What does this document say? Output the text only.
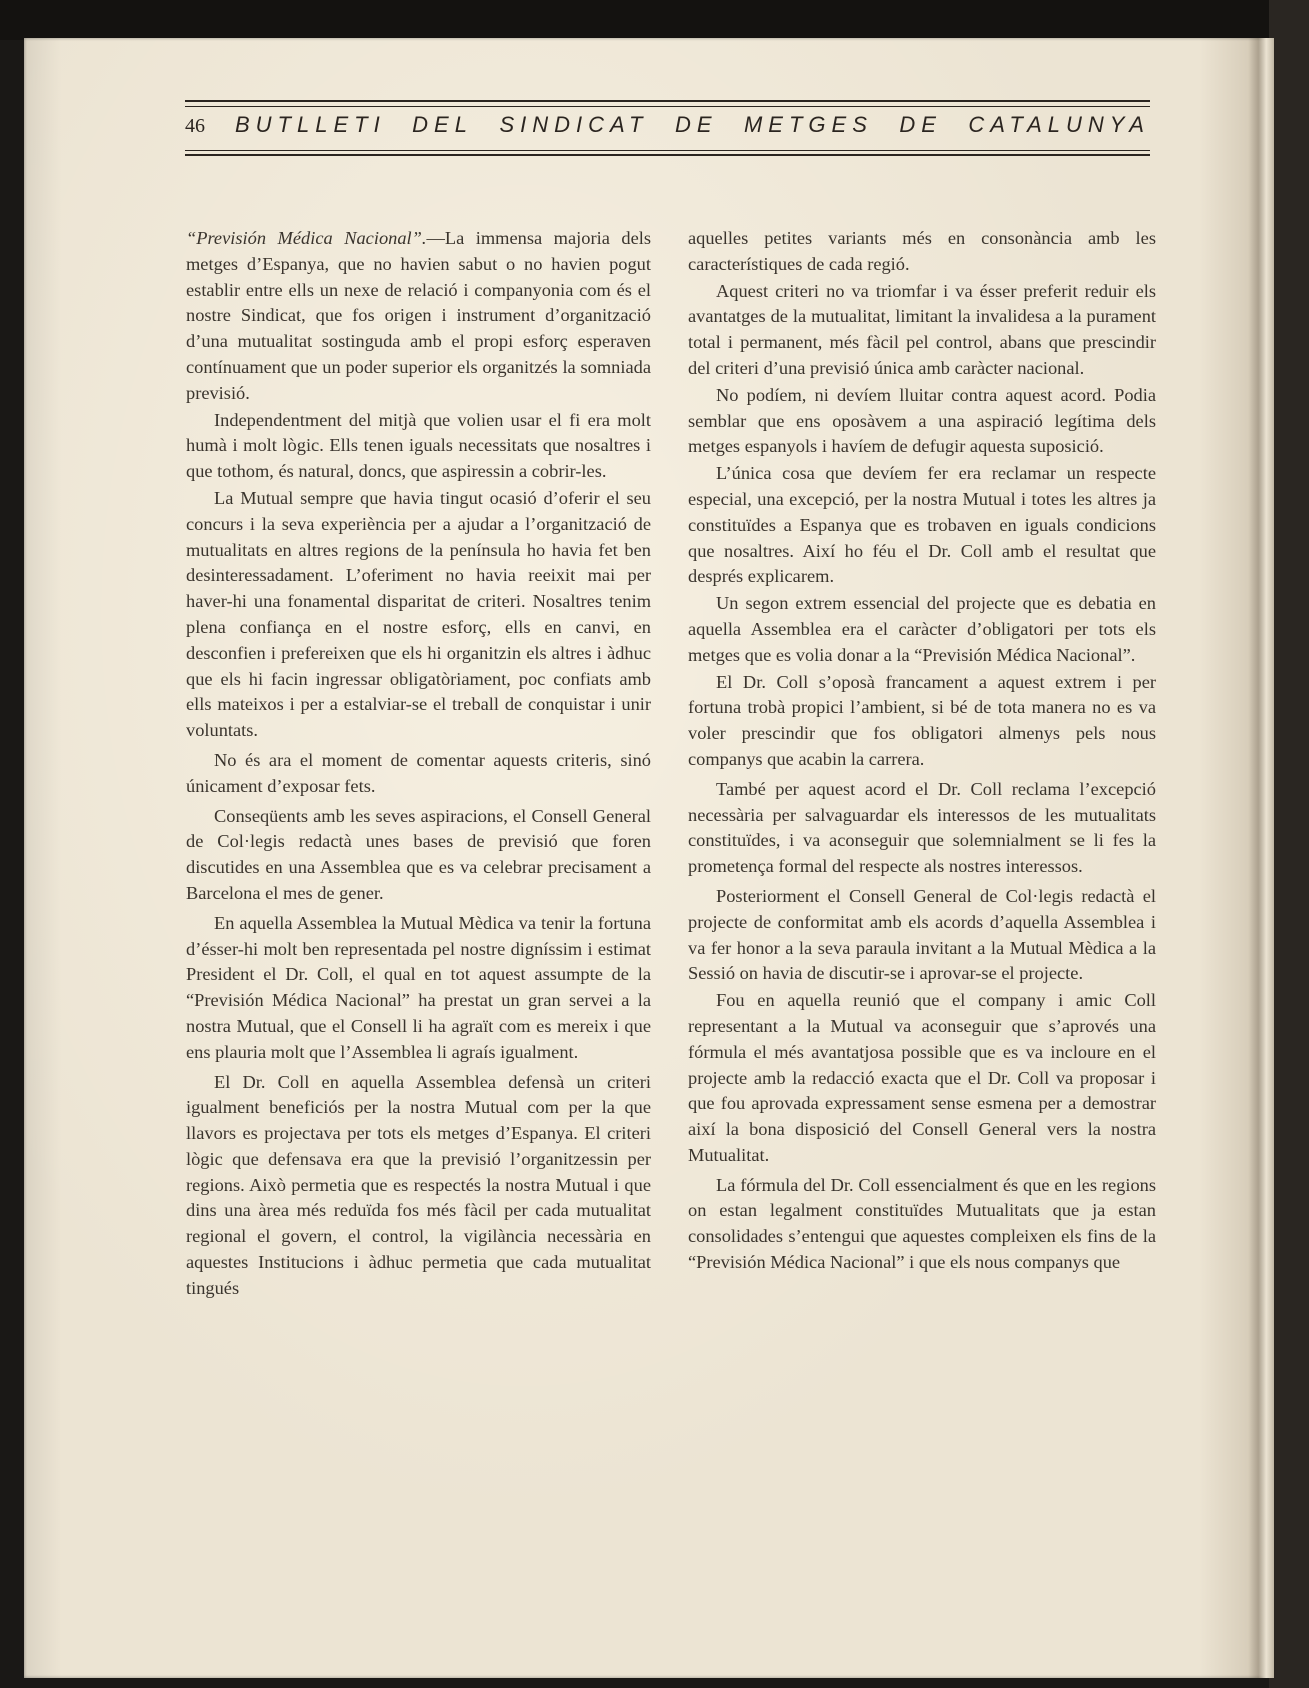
46	BUTLLETI DEL SINDICAT DE METGES DE CATALUNYA

“Previsión Médica Nacional”.—La immensa majoria dels metges d’Espanya, que no havien sabut o no havien pogut establir entre ells un nexe de relació i companyonia com és el nostre Sindicat, que fos origen i instrument d’organització d’una mutualitat sostinguda amb el propi esforç esperaven contínuament que un poder superior els organitzés la somniada previsió.

Independentment del mitjà que volien usar el fi era molt humà i molt lògic. Ells tenen iguals necessitats que nosaltres i que tothom, és natural, doncs, que aspiressin a cobrir-les.

La Mutual sempre que havia tingut ocasió d’oferir el seu concurs i la seva experiència per a ajudar a l’organització de mutualitats en altres regions de la península ho havia fet ben desinteressadament. L’oferiment no havia reeixit mai per haver-hi una fonamental disparitat de criteri. Nosaltres tenim plena confiança en el nostre esforç, ells en canvi, en desconfien i prefereixen que els hi organitzin els altres i àdhuc que els hi facin ingressar obligatòriament, poc confiats amb ells mateixos i per a estalviar-se el treball de conquistar i unir voluntats.

No és ara el moment de comentar aquests criteris, sinó únicament d’exposar fets.

Conseqüents amb les seves aspiracions, el Consell General de Col·legis redactà unes bases de previsió que foren discutides en una Assemblea que es va celebrar precisament a Barcelona el mes de gener.

En aquella Assemblea la Mutual Mèdica va tenir la fortuna d’ésser-hi molt ben representada pel nostre digníssim i estimat President el Dr. Coll, el qual en tot aquest assumpte de la “Previsión Médica Nacional” ha prestat un gran servei a la nostra Mutual, que el Consell li ha agraït com es mereix i que ens plauria molt que l’Assemblea li agraís igualment.

El Dr. Coll en aquella Assemblea defensà un criteri igualment beneficiós per la nostra Mutual com per la que llavors es projectava per tots els metges d’Espanya. El criteri lògic que defensava era que la previsió l’organitzessin per regions. Això permetia que es respectés la nostra Mutual i que dins una àrea més reduïda fos més fàcil per cada mutualitat regional el govern, el control, la vigilància necessària en aquestes Institucions i àdhuc permetia que cada mutualitat tingués

aquelles petites variants més en consonància amb les característiques de cada regió.

Aquest criteri no va triomfar i va ésser preferit reduir els avantatges de la mutualitat, limitant la invalidesa a la purament total i permanent, més fàcil pel control, abans que prescindir del criteri d’una previsió única amb caràcter nacional.

No podíem, ni devíem lluitar contra aquest acord. Podia semblar que ens oposàvem a una aspiració legítima dels metges espanyols i havíem de defugir aquesta suposició.

L’única cosa que devíem fer era reclamar un respecte especial, una excepció, per la nostra Mutual i totes les altres ja constituïdes a Espanya que es trobaven en iguals condicions que nosaltres. Així ho féu el Dr. Coll amb el resultat que després explicarem.

Un segon extrem essencial del projecte que es debatia en aquella Assemblea era el caràcter d’obligatori per tots els metges que es volia donar a la “Previsión Médica Nacional”.

El Dr. Coll s’oposà francament a aquest extrem i per fortuna trobà propici l’ambient, si bé de tota manera no es va voler prescindir que fos obligatori almenys pels nous companys que acabin la carrera.

També per aquest acord el Dr. Coll reclama l’excepció necessària per salvaguardar els interessos de les mutualitats constituïdes, i va aconseguir que solemnialment se li fes la prometença formal del respecte als nostres interessos.

Posteriorment el Consell General de Col·legis redactà el projecte de conformitat amb els acords d’aquella Assemblea i va fer honor a la seva paraula invitant a la Mutual Mèdica a la Sessió on havia de discutir-se i aprovar-se el projecte.

Fou en aquella reunió que el company i amic Coll representant a la Mutual va aconseguir que s’aprovés una fórmula el més avantatjosa possible que es va incloure en el projecte amb la redacció exacta que el Dr. Coll va proposar i que fou aprovada expressament sense esmena per a demostrar així la bona disposició del Consell General vers la nostra Mutualitat.

La fórmula del Dr. Coll essencialment és que en les regions on estan legalment constituïdes Mutualitats que ja estan consolidades s’entengui que aquestes compleixen els fins de la “Previsión Médica Nacional” i que els nous companys que
